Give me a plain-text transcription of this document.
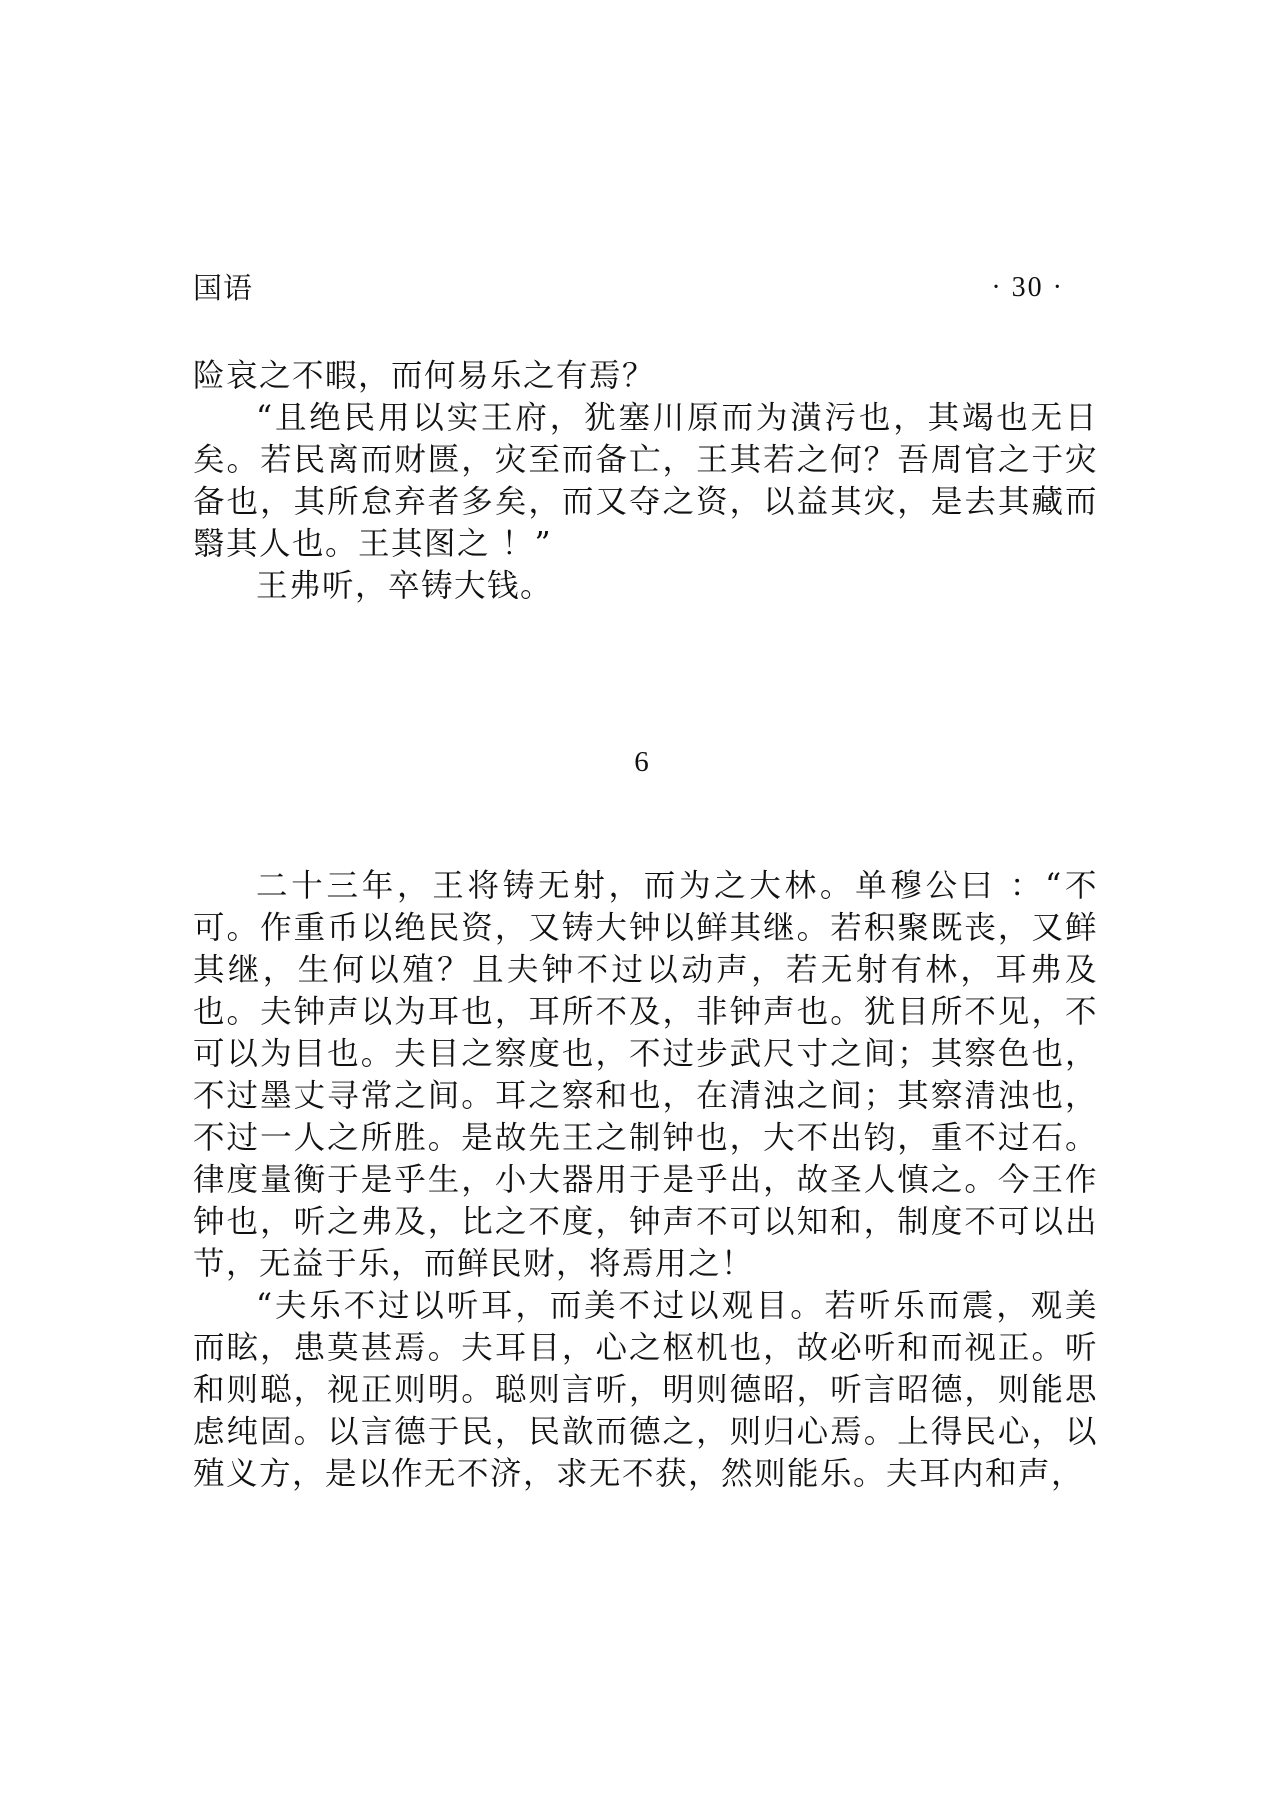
国语	· 30 ·

险哀之不暇，而何易乐之有焉？

“且绝民用以实王府，犹塞川原而为潢污也，其竭也无日矣。若民离而财匮，灾至而备亡，王其若之何？吾周官之于灾备也，其所怠弃者多矣，而又夺之资，以益其灾，是去其藏而翳其人也。王其图之 ！”

王弗听，卒铸大钱。

6

二十三年，王将铸无射，而为之大林。单穆公曰 ：“不可。作重币以绝民资，又铸大钟以鲜其继。若积聚既丧，又鲜其继，生何以殖？且夫钟不过以动声，若无射有林，耳弗及也。夫钟声以为耳也，耳所不及，非钟声也。犹目所不见，不可以为目也。夫目之察度也，不过步武尺寸之间；其察色也，不过墨丈寻常之间。耳之察和也，在清浊之间；其察清浊也，不过一人之所胜。是故先王之制钟也，大不出钧，重不过石。律度量衡于是乎生，小大器用于是乎出，故圣人慎之。今王作钟也，听之弗及，比之不度，钟声不可以知和，制度不可以出节，无益于乐，而鲜民财，将焉用之！

“夫乐不过以听耳，而美不过以观目。若听乐而震，观美而眩，患莫甚焉。夫耳目，心之枢机也，故必听和而视正。听和则聪，视正则明。聪则言听，明则德昭，听言昭德，则能思虑纯固。以言德于民，民歆而德之，则归心焉。上得民心，以殖义方，是以作无不济，求无不获，然则能乐。夫耳内和声，
